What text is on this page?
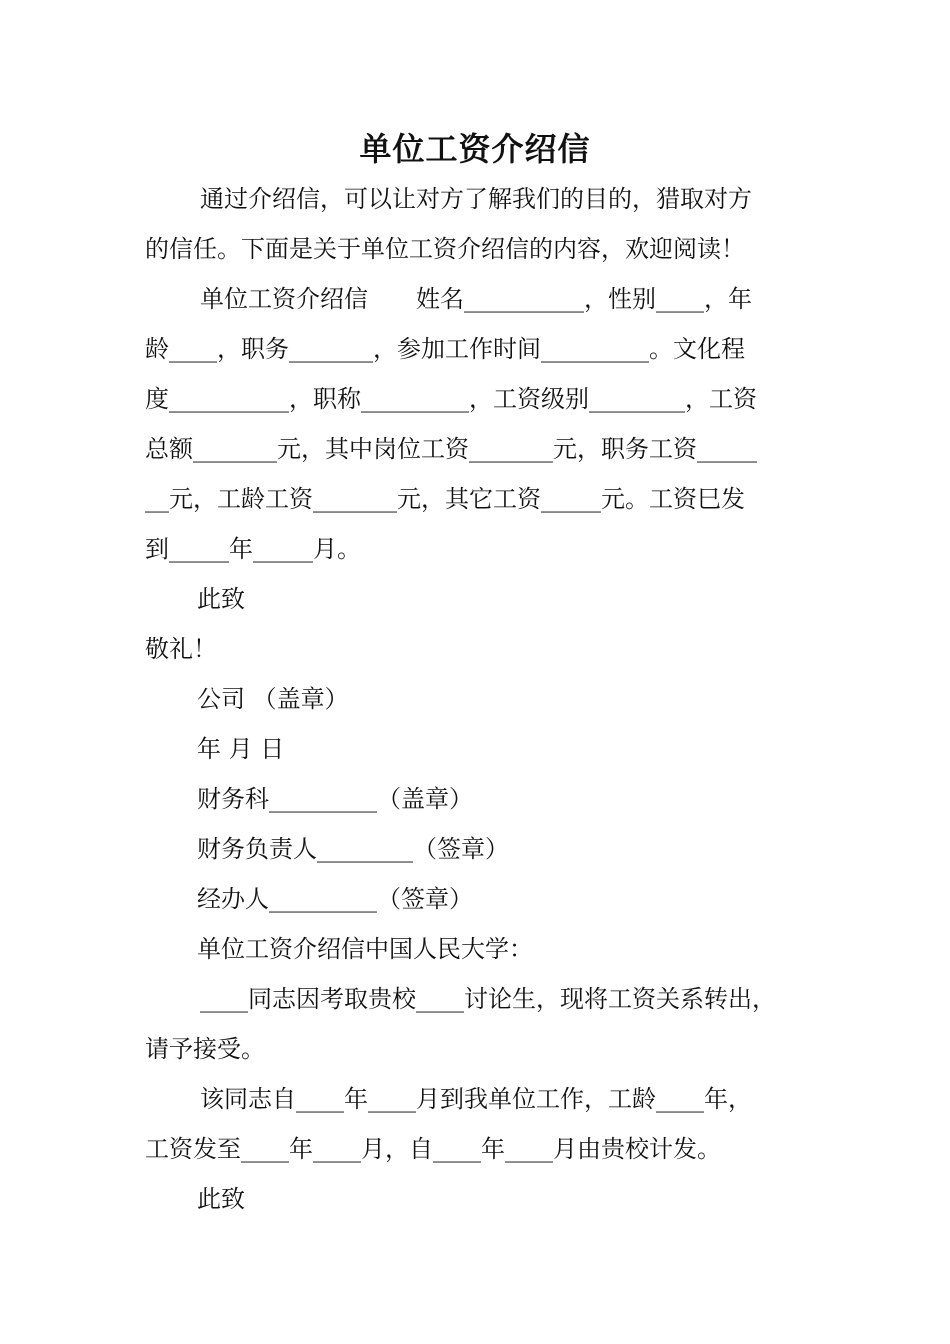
单位工资介绍信
通过介绍信，可以让对方了解我们的目的，猎取对方
的信任。下面是关于单位工资介绍信的内容，欢迎阅读！
单位工资介绍信　　姓名__________，性别____，年
龄____，职务_______，参加工作时间_________。文化程
度__________，职称_________，工资级别________，工资
总额_______元，其中岗位工资_______元，职务工资_____
__元，工龄工资_______元，其它工资_____元。工资巳发
到_____年_____月。
此致
敬礼！
公司 （盖章）
年 月 日
财务科_________（盖章）
财务负责人________（签章）
经办人_________（签章）
单位工资介绍信中国人民大学：
____同志因考取贵校____讨论生，现将工资关系转出，
请予接受。
该同志自____年____月到我单位工作，工龄____年，
工资发至____年____月，自____年____月由贵校计发。
此致
